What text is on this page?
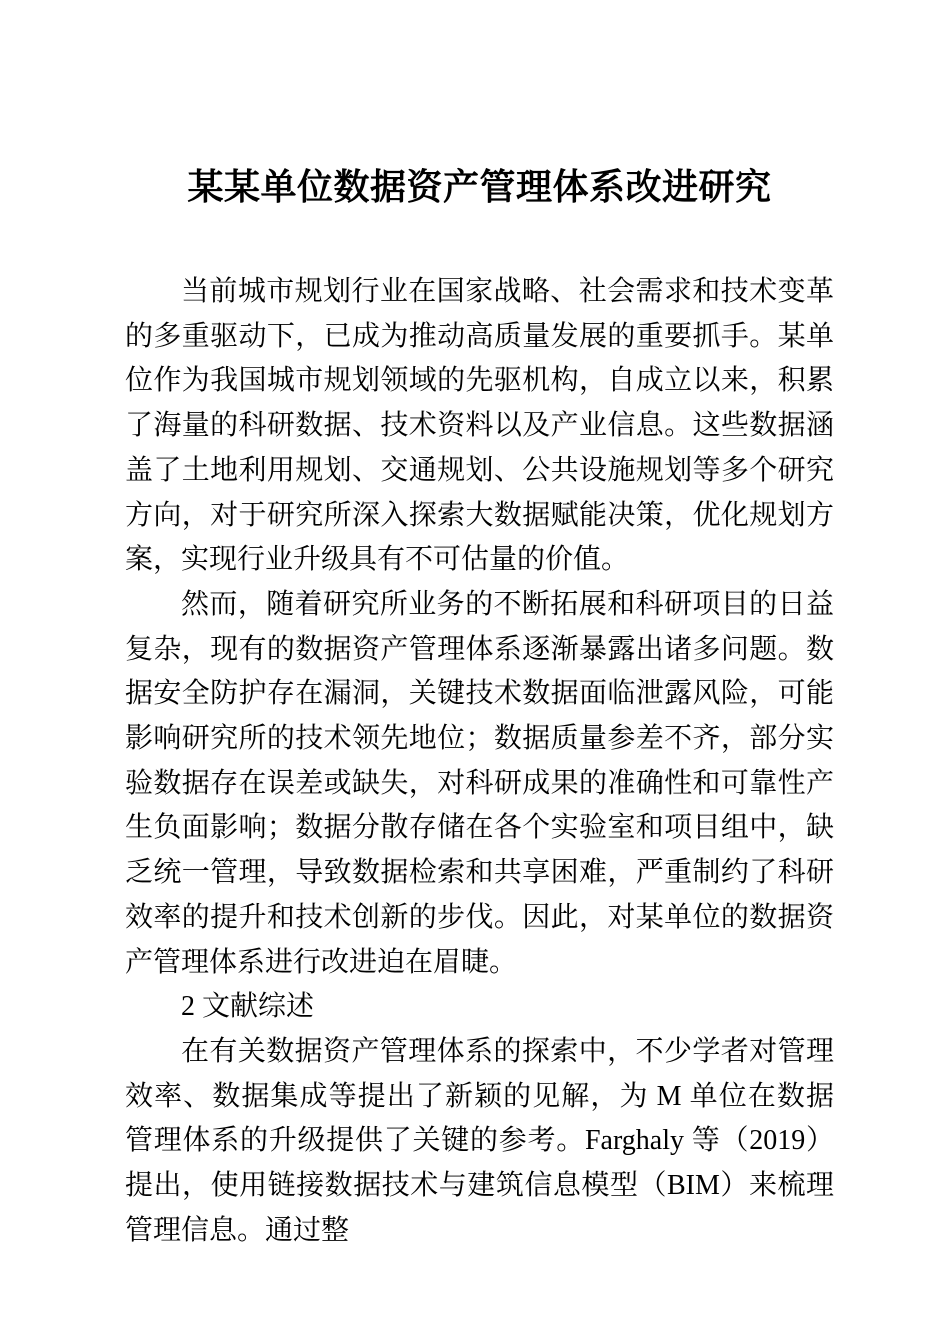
某某单位数据资产管理体系改进研究

当前城市规划行业在国家战略、社会需求和技术变革的多重驱动下，已成为推动高质量发展的重要抓手。某单位作为我国城市规划领域的先驱机构，自成立以来，积累了海量的科研数据、技术资料以及产业信息。这些数据涵盖了土地利用规划、交通规划、公共设施规划等多个研究方向，对于研究所深入探索大数据赋能决策，优化规划方案，实现行业升级具有不可估量的价值。

然而，随着研究所业务的不断拓展和科研项目的日益复杂，现有的数据资产管理体系逐渐暴露出诸多问题。数据安全防护存在漏洞，关键技术数据面临泄露风险，可能影响研究所的技术领先地位；数据质量参差不齐，部分实验数据存在误差或缺失，对科研成果的准确性和可靠性产生负面影响；数据分散存储在各个实验室和项目组中，缺乏统一管理，导致数据检索和共享困难，严重制约了科研效率的提升和技术创新的步伐。因此，对某单位的数据资产管理体系进行改进迫在眉睫。

2 文献综述

在有关数据资产管理体系的探索中，不少学者对管理效率、数据集成等提出了新颖的见解，为 M 单位在数据管理体系的升级提供了关键的参考。Farghaly 等（2019）提出，使用链接数据技术与建筑信息模型（BIM）来梳理管理信息。通过整
